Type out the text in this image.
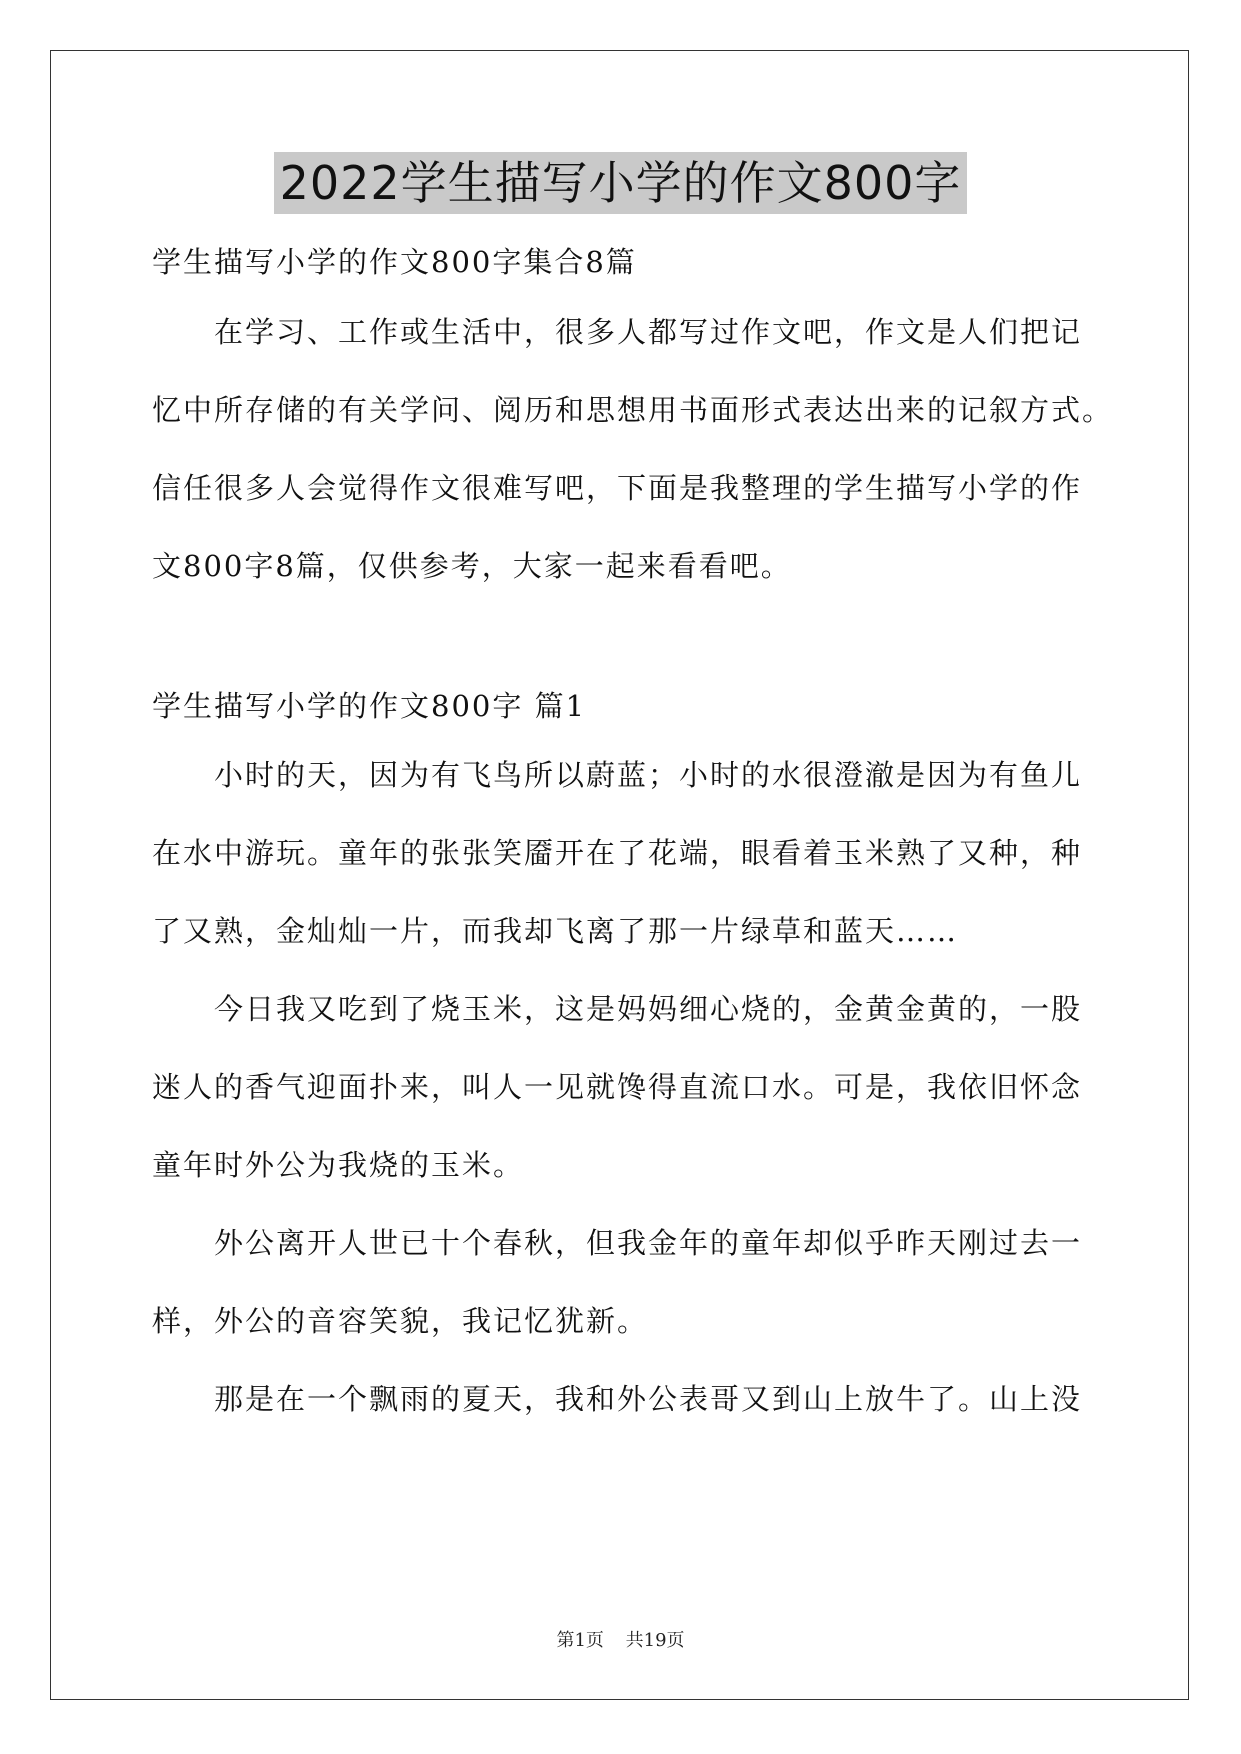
2022学生描写小学的作文800字
学生描写小学的作文800字集合8篇
　　在学习、工作或生活中，很多人都写过作文吧，作文是人们把记
忆中所存储的有关学问、阅历和思想用书面形式表达出来的记叙方式。
信任很多人会觉得作文很难写吧，下面是我整理的学生描写小学的作
文800字8篇，仅供参考，大家一起来看看吧。
学生描写小学的作文800字 篇1
　　小时的天，因为有飞鸟所以蔚蓝；小时的水很澄澈是因为有鱼儿
在水中游玩。童年的张张笑靥开在了花端，眼看着玉米熟了又种，种
了又熟，金灿灿一片，而我却飞离了那一片绿草和蓝天……
　　今日我又吃到了烧玉米，这是妈妈细心烧的，金黄金黄的，一股
迷人的香气迎面扑来，叫人一见就馋得直流口水。可是，我依旧怀念
童年时外公为我烧的玉米。
　　外公离开人世已十个春秋，但我金年的童年却似乎昨天刚过去一
样，外公的音容笑貌，我记忆犹新。
　　那是在一个飘雨的夏天，我和外公表哥又到山上放牛了。山上没
第1页 共19页
